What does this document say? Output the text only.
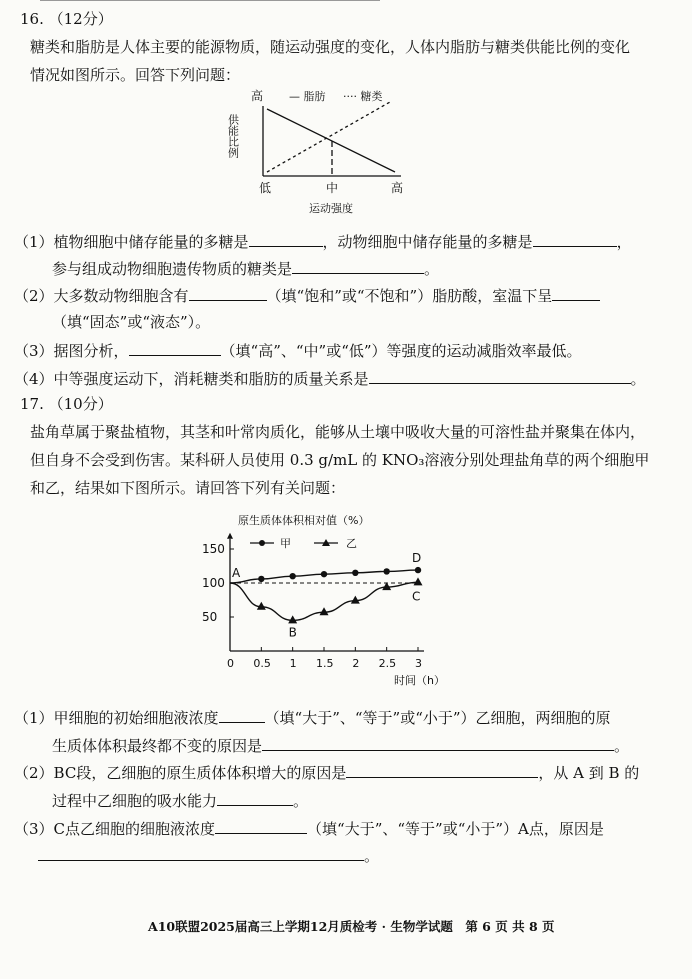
16. （12分）
糖类和脂肪是人体主要的能源物质，随运动强度的变化，人体内脂肪与糖类供能比例的变化
情况如图所示。回答下列问题：
高 — 脂肪 ···· 糖类
供能比例
低	中	高
运动强度
（1）植物细胞中储存能量的多糖是	，动物细胞中储存能量的多糖是	，
参与组成动物细胞遗传物质的糖类是	。
（2）大多数动物细胞含有	（填“饱和”或“不饱和”）脂肪酸，室温下呈
（填“固态”或“液态”）。
（3）据图分析，	（填“高”、“中”或“低”）等强度的运动减脂效率最低。
（4）中等强度运动下，消耗糖类和脂肪的质量关系是	。
17. （10分）
盐角草属于聚盐植物，其茎和叶常肉质化，能够从土壤中吸收大量的可溶性盐并聚集在体内，
但自身不会受到伤害。某科研人员使用 0.3 g/mL 的 KNO₃溶液分别处理盐角草的两个细胞甲
和乙，结果如下图所示。请回答下列有关问题：
原生质体体积相对值（%）
甲	乙
50
100
150
0 0.5 1 1.5 2 2.5 3
A
B
C
D
时间（h）
（1）甲细胞的初始细胞液浓度	（填“大于”、“等于”或“小于”）乙细胞，两细胞的原
生质体体积最终都不变的原因是	。
（2）BC段，乙细胞的原生质体体积增大的原因是	，从 A 到 B 的
过程中乙细胞的吸水能力	。
（3）C点乙细胞的细胞液浓度	（填“大于”、“等于”或“小于”）A点，原因是
。
A10联盟2025届高三上学期12月质检考 · 生物学试题　第 6 页 共 8 页
